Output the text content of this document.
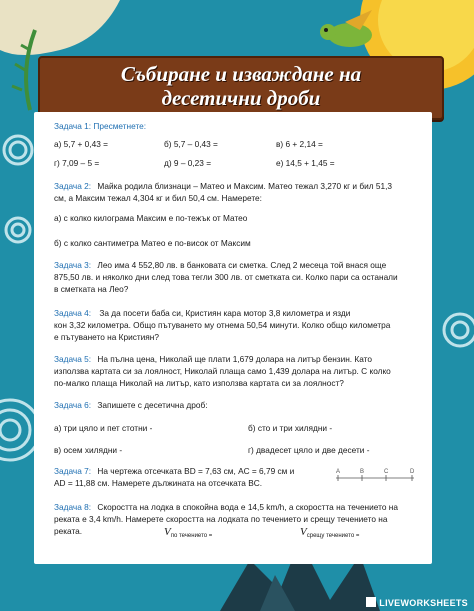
Събиране и изваждане на
десетични дроби
Задача 1: Пресметнете:
а) 5,7 + 0,43 =	б) 5,7 – 0,43 =	в) 6 + 2,14 =
г) 7,09 – 5 =	д) 9 – 0,23 =	е) 14,5 + 1,45 =
Задача 2: Майка родила близнаци – Матео и Максим. Матео тежал 3,270 кг и бил 51,3
см, а Максим тежал 4,304 кг и бил 50,4 см. Намерете:
а) с колко килограма Максим е по-тежък от Матео
б) с колко сантиметра Матео е по-висок от Максим
Задача 3: Лео има 4 552,80 лв. в банковата си сметка. След 2 месеца той внася още
875,50 лв. и няколко дни след това тегли 300 лв. от сметката си. Колко пари са останали
в сметката на Лео?
Задача 4: За да посети баба си, Кристиян кара мотор 3,8 километра и язди
кон 3,32 километра. Общо пътуването му отнема 50,54 минути. Колко общо километра
е пътуването на Кристиян?
Задача 5: На пълна цена, Николай ще плати 1,679 долара на литър бензин. Като
използва картата си за лоялност, Николай плаща само 1,439 долара на литър. С колко
по-малко плаща Николай на литър, като използва картата си за лоялност?
Задача 6: Запишете с десетична дроб:
а) три цяло и пет стотни -	б) сто и три хилядни -
в) осем хилядни -	г) двадесет цяло и две десети -
Задача 7: На чертежа отсечката BD = 7,63 см, AC = 6,79 см и
AD = 11,88 см. Намерете дължината на отсечката BC.
A	B	C	D
Задача 8: Скоростта на лодка в спокойна вода е 14,5 km/h, а скоростта на течението на
реката е 3,4 km/h. Намерете скоростта на лодката по течението и срещу течението на
реката.	$V_{по течението =}$	$V_{срещу течението =}$
LIVEWORKSHEETS
